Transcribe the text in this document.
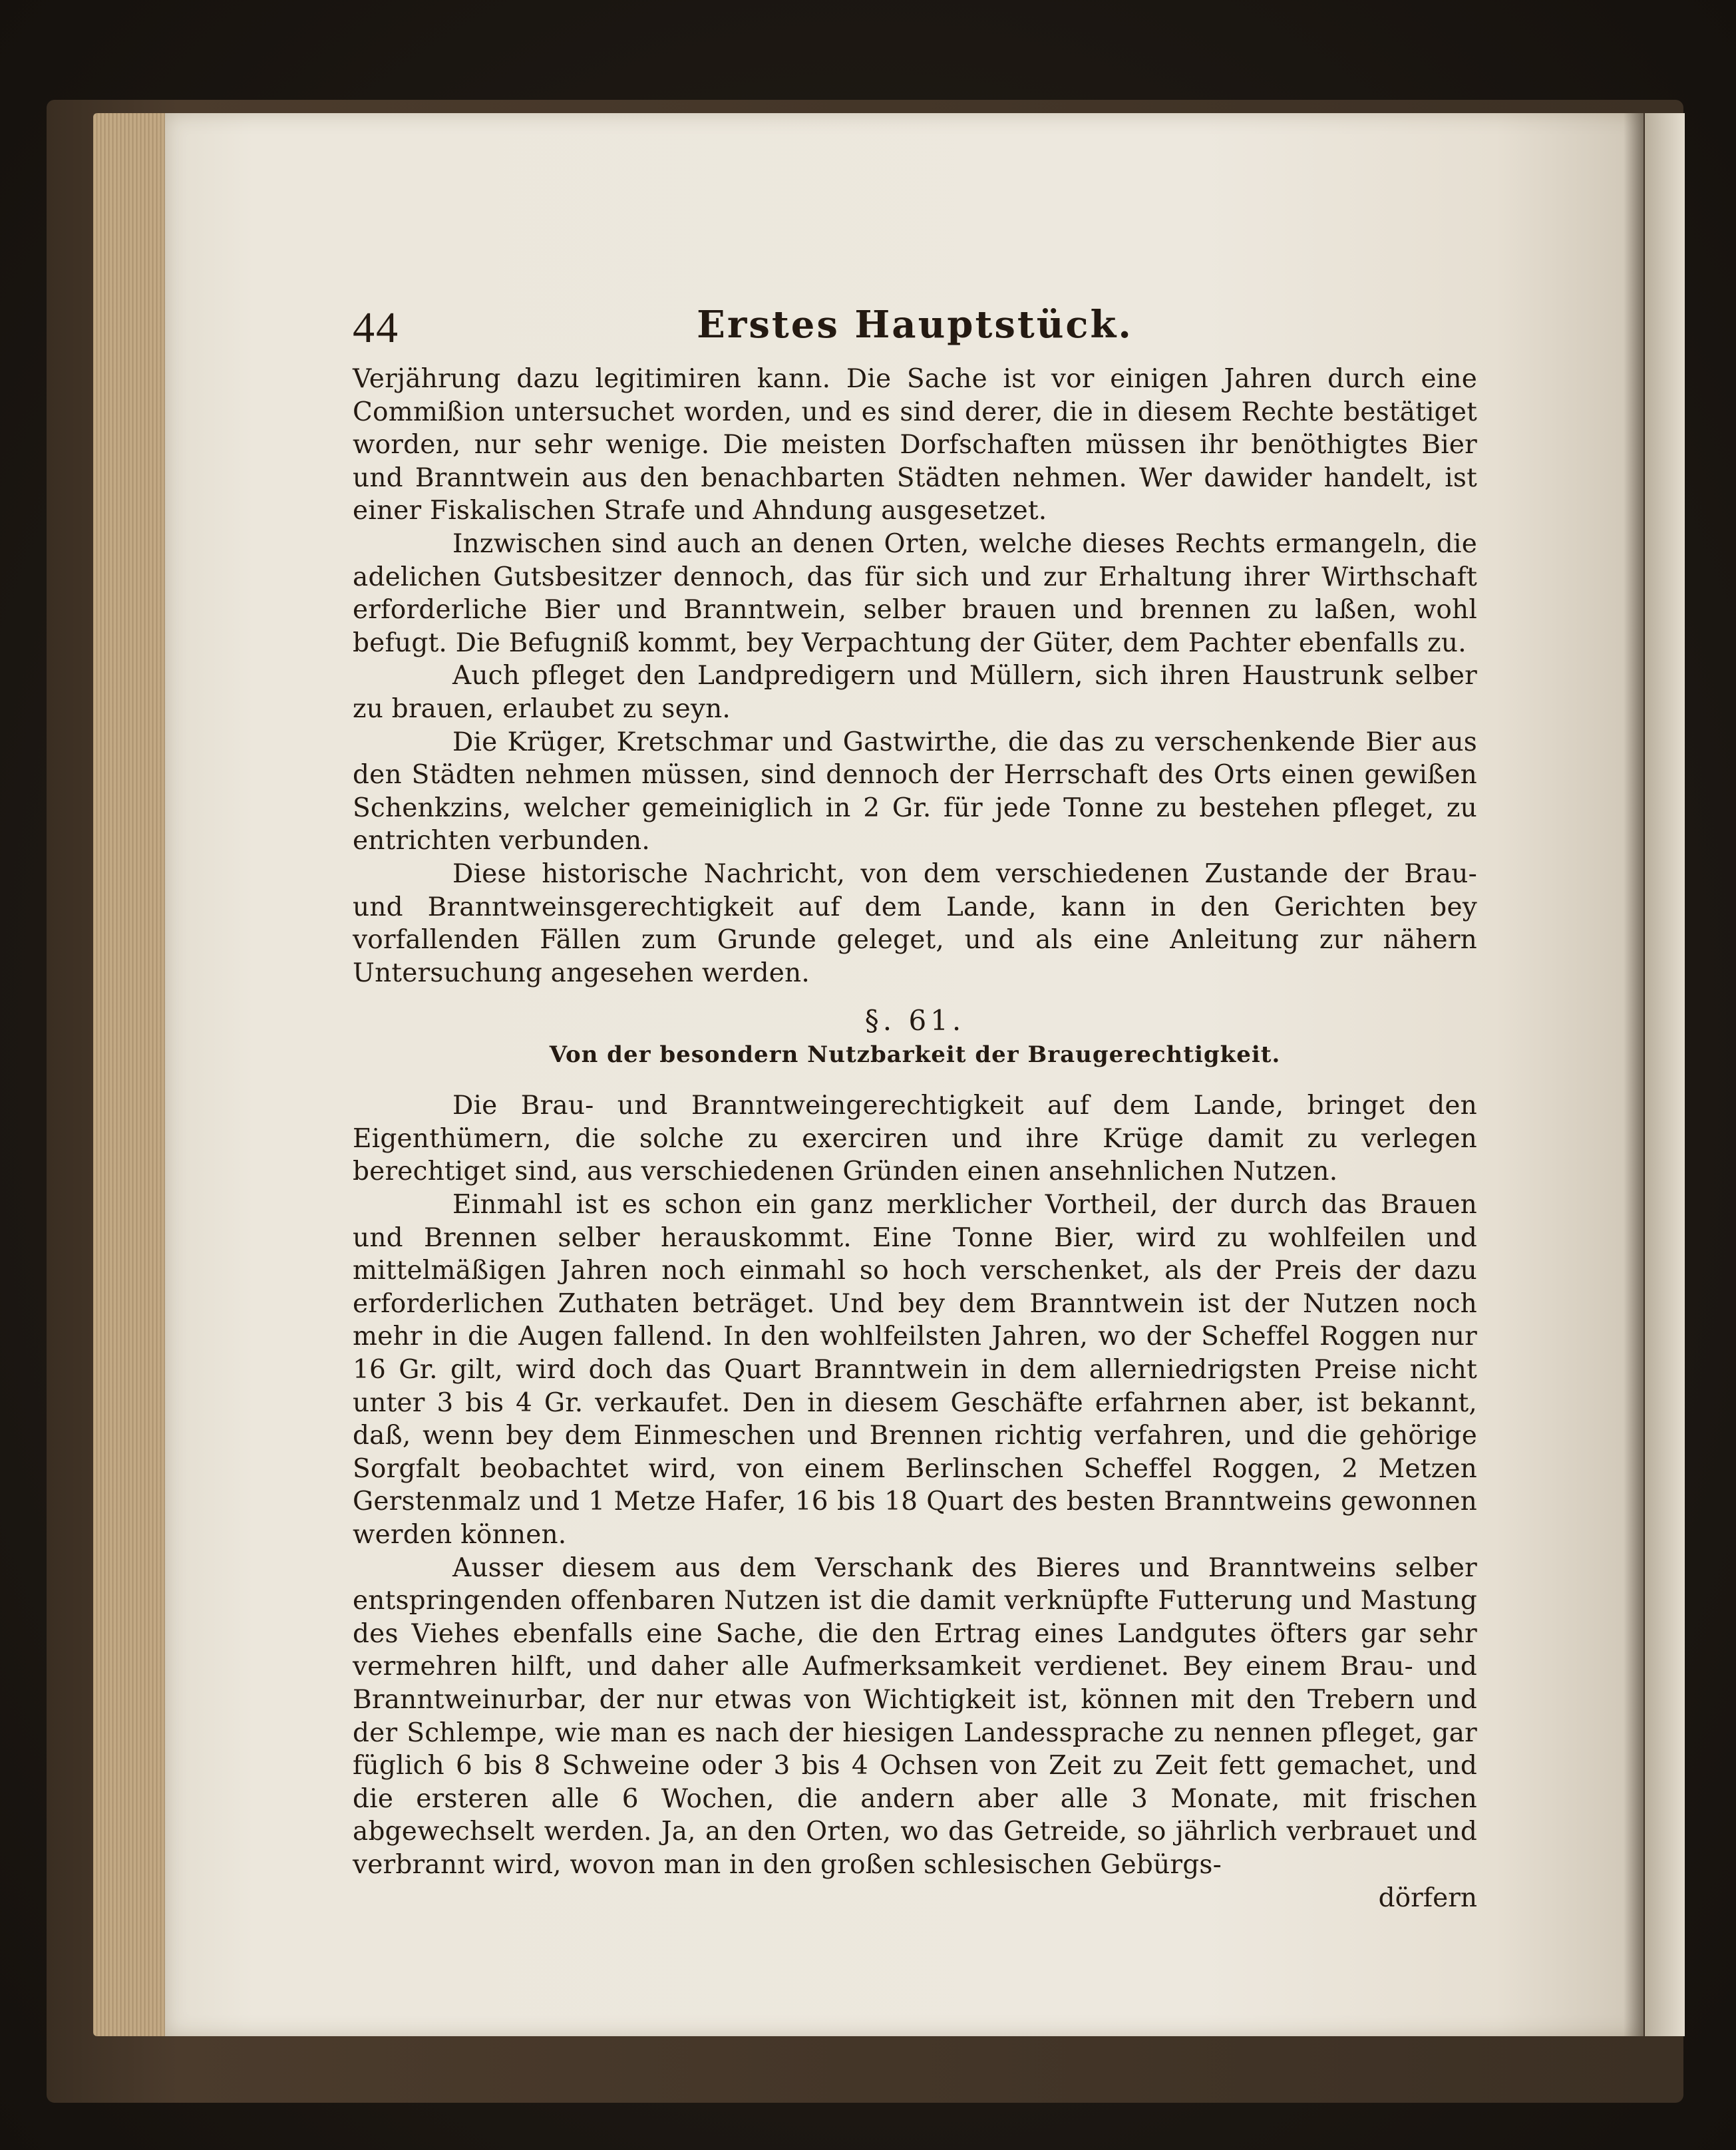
44	Erstes Hauptstück.

Verjährung dazu legitimiren kann. Die Sache ist vor einigen Jahren durch eine Commißion untersuchet worden, und es sind derer, die in diesem Rechte bestätiget worden, nur sehr wenige. Die meisten Dorfschaften müssen ihr benöthigtes Bier und Branntwein aus den benachbarten Städten nehmen. Wer dawider handelt, ist einer Fiskalischen Strafe und Ahndung ausgesetzet.

Inzwischen sind auch an denen Orten, welche dieses Rechts ermangeln, die adelichen Gutsbesitzer dennoch, das für sich und zur Erhaltung ihrer Wirthschaft erforderliche Bier und Branntwein, selber brauen und brennen zu laßen, wohl befugt. Die Befugniß kommt, bey Verpachtung der Güter, dem Pachter ebenfalls zu.

Auch pfleget den Landpredigern und Müllern, sich ihren Haustrunk selber zu brauen, erlaubet zu seyn.

Die Krüger, Kretschmar und Gastwirthe, die das zu verschenkende Bier aus den Städten nehmen müssen, sind dennoch der Herrschaft des Orts einen gewißen Schenkzins, welcher gemeiniglich in 2 Gr. für jede Tonne zu bestehen pfleget, zu entrichten verbunden.

Diese historische Nachricht, von dem verschiedenen Zustande der Brau- und Branntweinsgerechtigkeit auf dem Lande, kann in den Gerichten bey vorfallenden Fällen zum Grunde geleget, und als eine Anleitung zur nähern Untersuchung angesehen werden.

§. 61.
Von der besondern Nutzbarkeit der Braugerechtigkeit.

Die Brau- und Branntweingerechtigkeit auf dem Lande, bringet den Eigenthümern, die solche zu exerciren und ihre Krüge damit zu verlegen berechtiget sind, aus verschiedenen Gründen einen ansehnlichen Nutzen.

Einmahl ist es schon ein ganz merklicher Vortheil, der durch das Brauen und Brennen selber herauskommt. Eine Tonne Bier, wird zu wohlfeilen und mittelmäßigen Jahren noch einmahl so hoch verschenket, als der Preis der dazu erforderlichen Zuthaten beträget. Und bey dem Branntwein ist der Nutzen noch mehr in die Augen fallend. In den wohlfeilsten Jahren, wo der Scheffel Roggen nur 16 Gr. gilt, wird doch das Quart Branntwein in dem allerniedrigsten Preise nicht unter 3 bis 4 Gr. verkaufet. Den in diesem Geschäfte erfahrnen aber, ist bekannt, daß, wenn bey dem Einmeschen und Brennen richtig verfahren, und die gehörige Sorgfalt beobachtet wird, von einem Berlinschen Scheffel Roggen, 2 Metzen Gerstenmalz und 1 Metze Hafer, 16 bis 18 Quart des besten Branntweins gewonnen werden können.

Ausser diesem aus dem Verschank des Bieres und Branntweins selber entspringenden offenbaren Nutzen ist die damit verknüpfte Futterung und Mastung des Viehes ebenfalls eine Sache, die den Ertrag eines Landgutes öfters gar sehr vermehren hilft, und daher alle Aufmerksamkeit verdienet. Bey einem Brau- und Branntweinurbar, der nur etwas von Wichtigkeit ist, können mit den Trebern und der Schlempe, wie man es nach der hiesigen Landessprache zu nennen pfleget, gar füglich 6 bis 8 Schweine oder 3 bis 4 Ochsen von Zeit zu Zeit fett gemachet, und die ersteren alle 6 Wochen, die andern aber alle 3 Monate, mit frischen abgewechselt werden. Ja, an den Orten, wo das Getreide, so jährlich verbrauet und verbrannt wird, wovon man in den großen schlesischen Gebürgs-

dörfern
